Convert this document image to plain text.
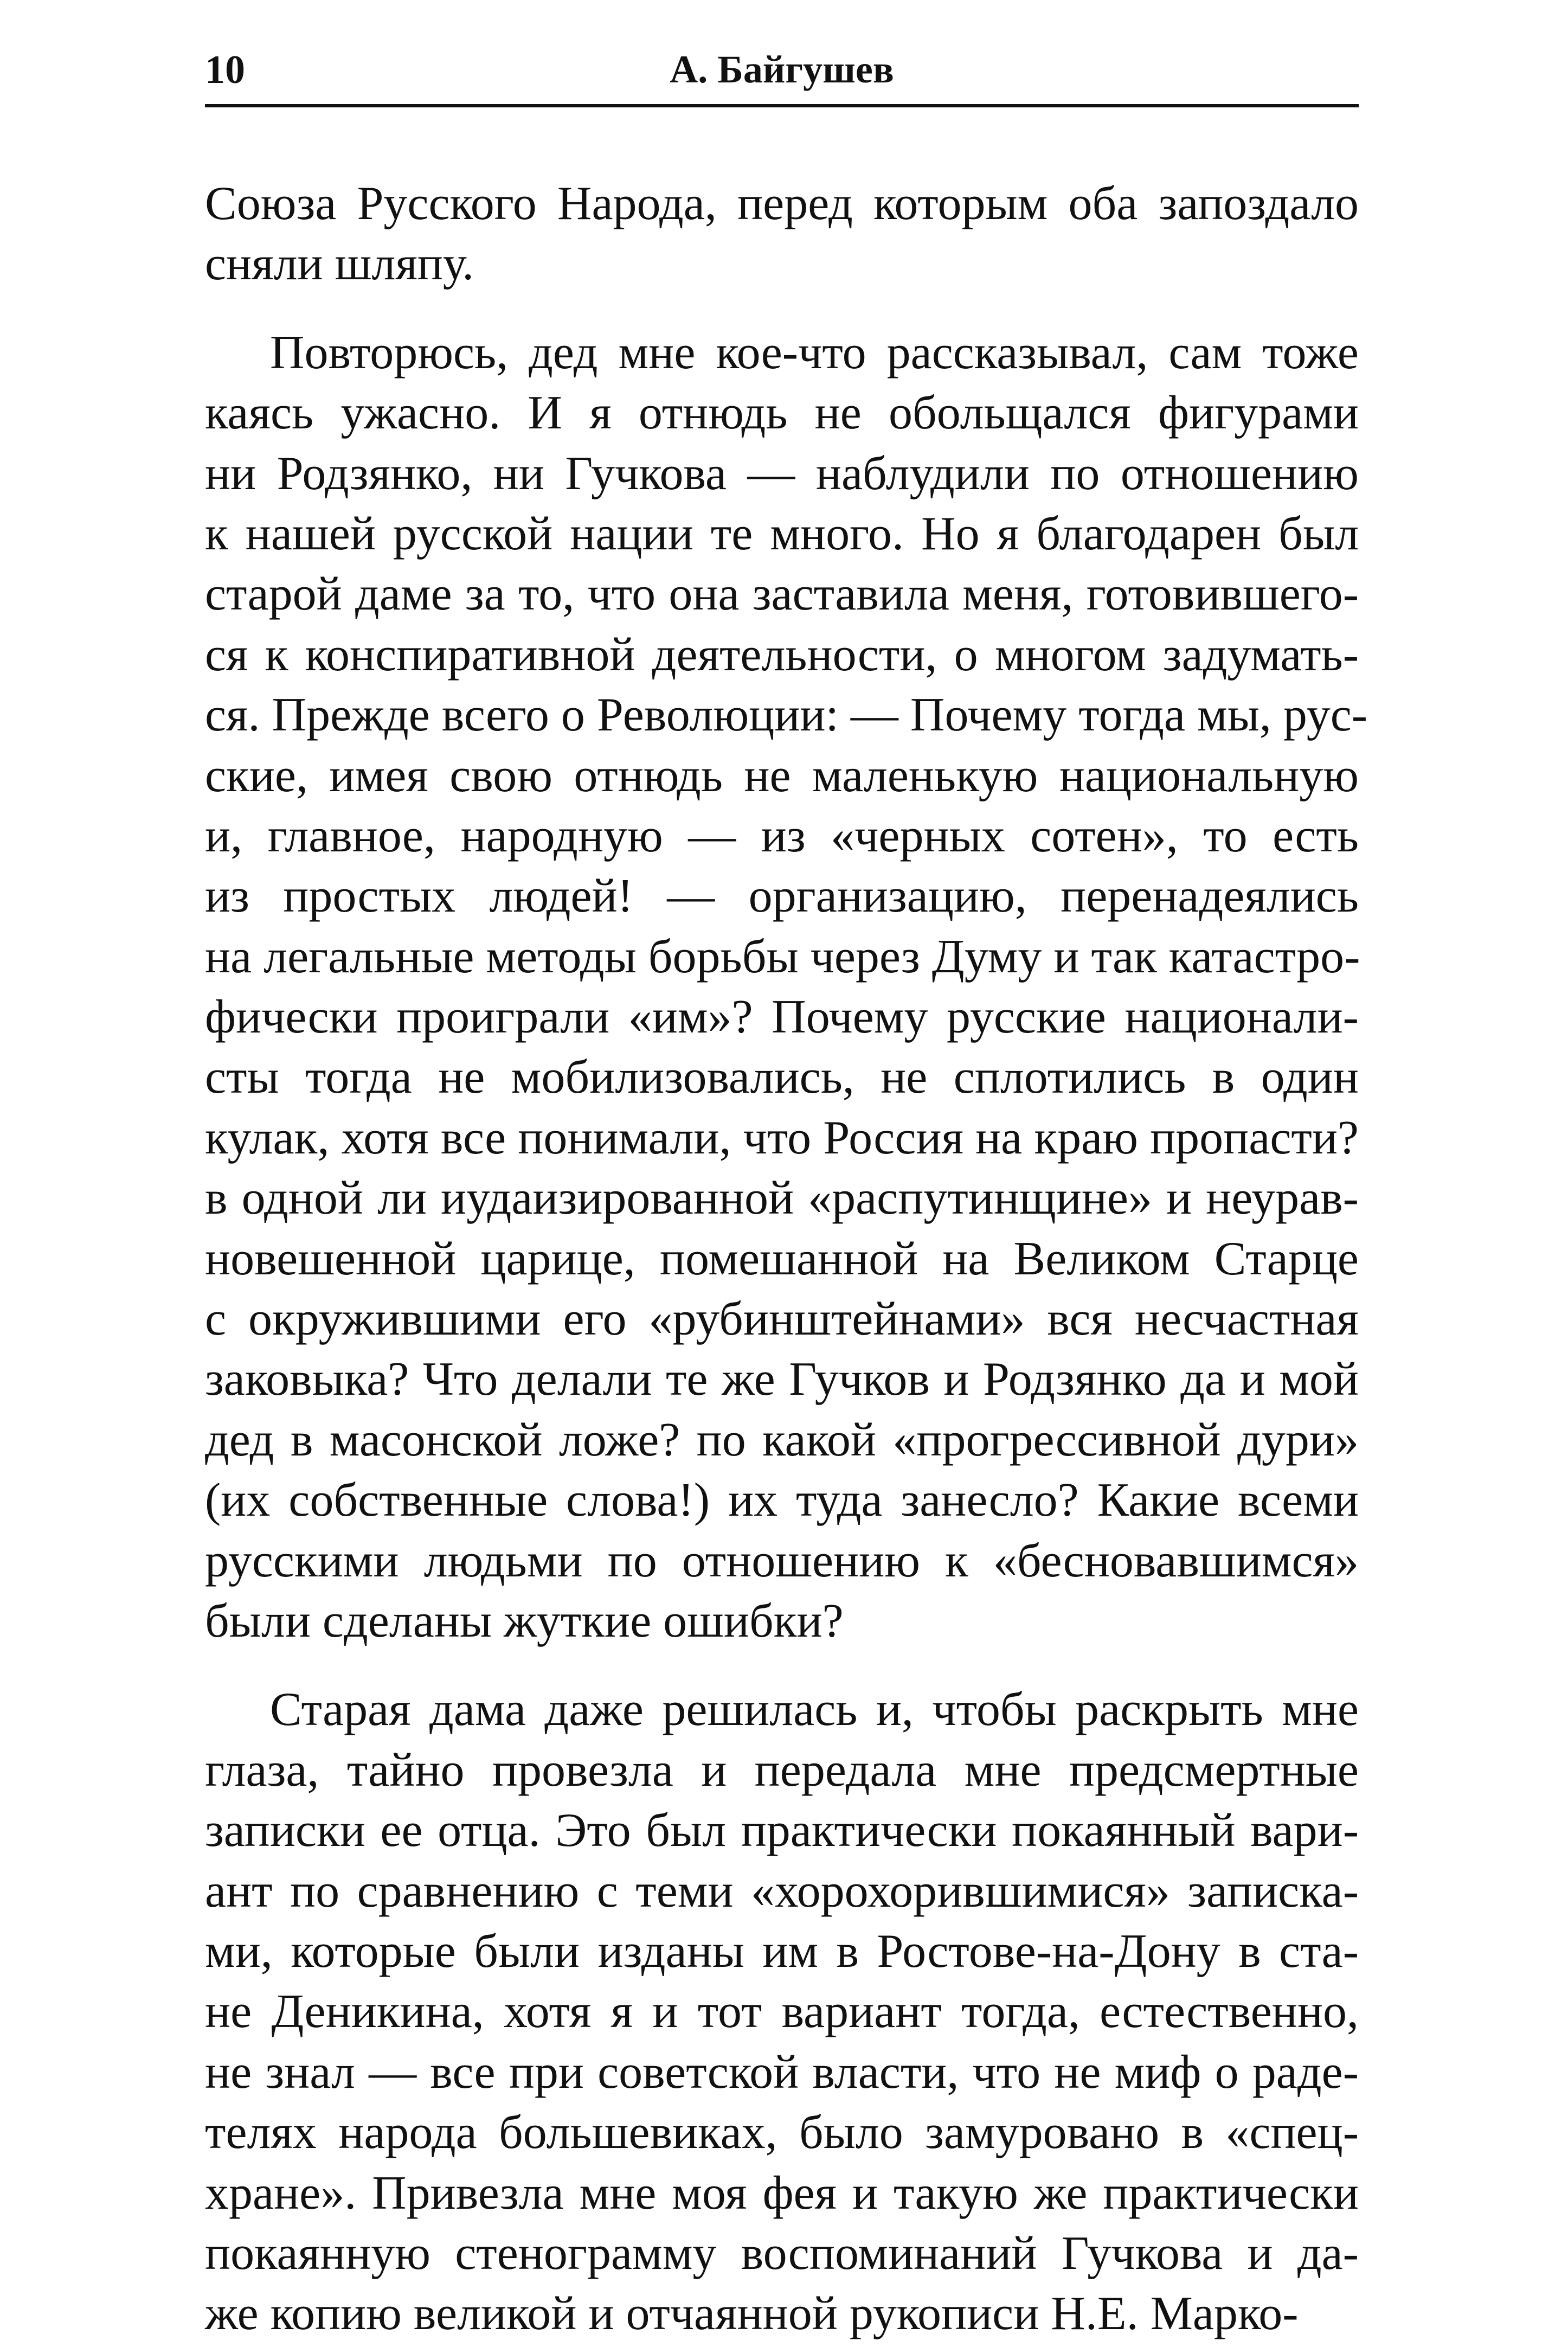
10	А. Байгушев
Союза Русского Народа, перед которым оба запоздало
сняли шляпу.
Повторюсь, дед мне кое-что рассказывал, сам тоже
каясь ужасно. И я отнюдь не обольщался фигурами
ни Родзянко, ни Гучкова — наблудили по отношению
к нашей русской нации те много. Но я благодарен был
старой даме за то, что она заставила меня, готовившего-
ся к конспиративной деятельности, о многом задумать-
ся. Прежде всего о Революции: — Почему тогда мы, рус-
ские, имея свою отнюдь не маленькую национальную
и, главное, народную — из «черных сотен», то есть
из простых людей! — организацию, перенадеялись
на легальные методы борьбы через Думу и так катастро-
фически проиграли «им»? Почему русские национали-
сты тогда не мобилизовались, не сплотились в один
кулак, хотя все понимали, что Россия на краю пропасти?
в одной ли иудаизированной «распутинщине» и неурав-
новешенной царице, помешанной на Великом Старце
с окружившими его «рубинштейнами» вся несчастная
заковыка? Что делали те же Гучков и Родзянко да и мой
дед в масонской ложе? по какой «прогрессивной дури»
(их собственные слова!) их туда занесло? Какие всеми
русскими людьми по отношению к «бесновавшимся»
были сделаны жуткие ошибки?
Старая дама даже решилась и, чтобы раскрыть мне
глаза, тайно провезла и передала мне предсмертные
записки ее отца. Это был практически покаянный вари-
ант по сравнению с теми «хорохорившимися» записка-
ми, которые были изданы им в Ростове-на-Дону в ста-
не Деникина, хотя я и тот вариант тогда, естественно,
не знал — все при советской власти, что не миф о раде-
телях народа большевиках, было замуровано в «спец-
хране». Привезла мне моя фея и такую же практически
покаянную стенограмму воспоминаний Гучкова и да-
же копию великой и отчаянной рукописи Н.Е. Марко-
